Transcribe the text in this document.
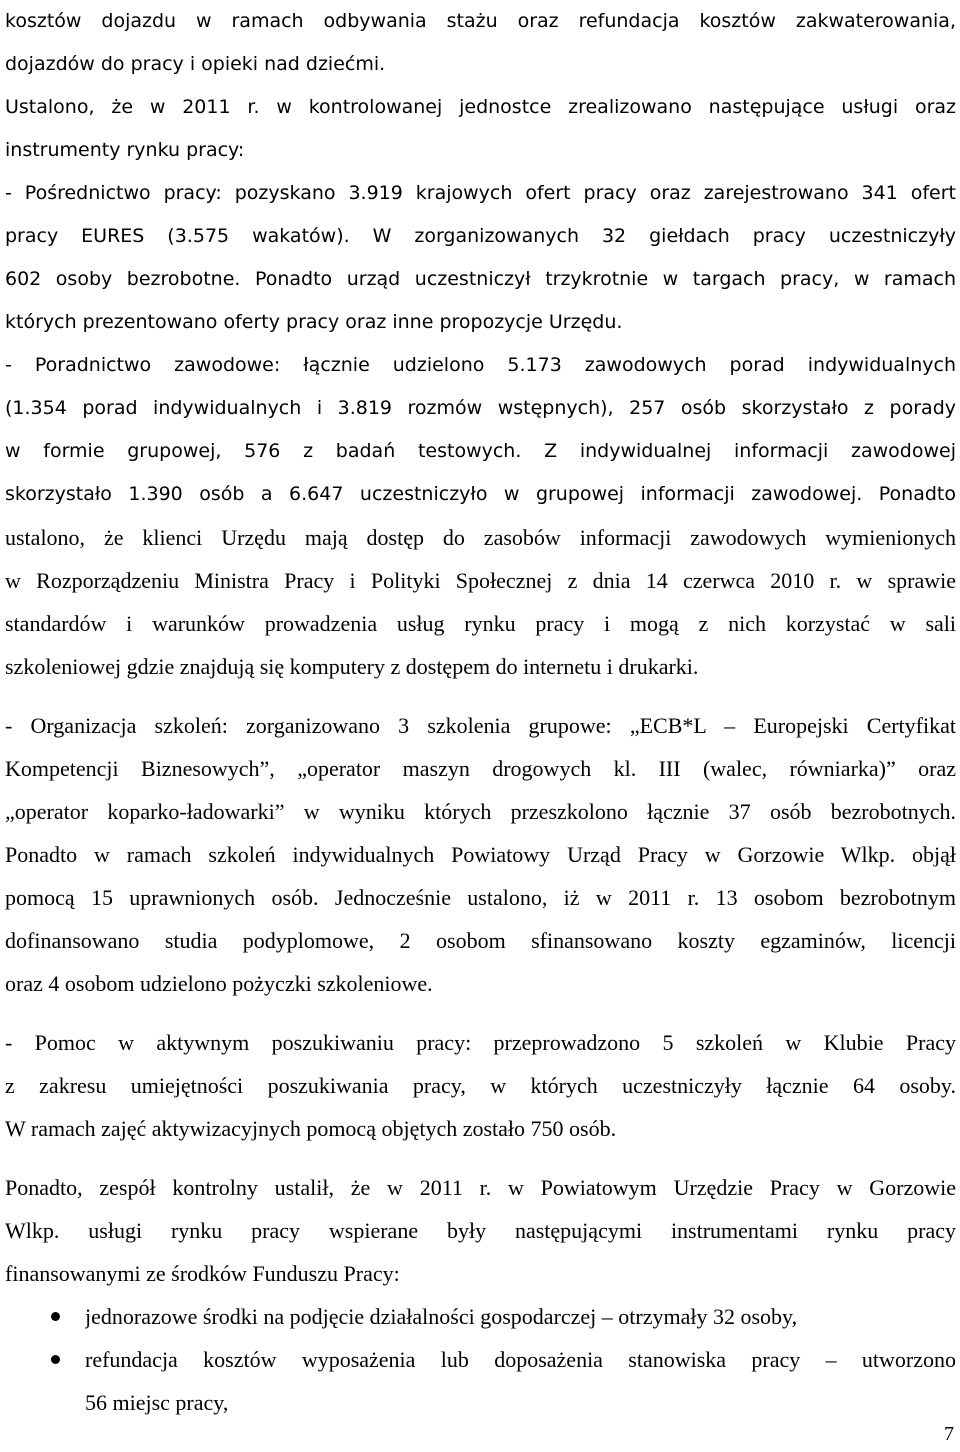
kosztów dojazdu w ramach odbywania stażu oraz refundacja kosztów zakwaterowania,
dojazdów do pracy i opieki nad dziećmi.
Ustalono, że w 2011 r. w kontrolowanej jednostce zrealizowano następujące usługi oraz
instrumenty rynku pracy:
- Pośrednictwo pracy: pozyskano 3.919 krajowych ofert pracy oraz zarejestrowano 341 ofert
pracy EURES (3.575 wakatów). W zorganizowanych 32 giełdach pracy uczestniczyły
602 osoby bezrobotne. Ponadto urząd uczestniczył trzykrotnie w targach pracy, w ramach
których prezentowano oferty pracy oraz inne propozycje Urzędu.
- Poradnictwo zawodowe: łącznie udzielono 5.173 zawodowych porad indywidualnych
(1.354 porad indywidualnych i 3.819 rozmów wstępnych), 257 osób skorzystało z porady
w formie grupowej, 576 z badań testowych. Z indywidualnej informacji zawodowej
skorzystało 1.390 osób a 6.647 uczestniczyło w grupowej informacji zawodowej. Ponadto
ustalono, że klienci Urzędu mają dostęp do zasobów informacji zawodowych wymienionych
w Rozporządzeniu Ministra Pracy i Polityki Społecznej z dnia 14 czerwca 2010 r. w sprawie
standardów i warunków prowadzenia usług rynku pracy i mogą z nich korzystać w sali
szkoleniowej gdzie znajdują się komputery z dostępem do internetu i drukarki.
- Organizacja szkoleń: zorganizowano 3 szkolenia grupowe: „ECB*L – Europejski Certyfikat
Kompetencji Biznesowych”, „operator maszyn drogowych kl. III (walec, równiarka)” oraz
„operator koparko-ładowarki” w wyniku których przeszkolono łącznie 37 osób bezrobotnych.
Ponadto w ramach szkoleń indywidualnych Powiatowy Urząd Pracy w Gorzowie Wlkp. objął
pomocą 15 uprawnionych osób. Jednocześnie ustalono, iż w 2011 r. 13 osobom bezrobotnym
dofinansowano studia podyplomowe, 2 osobom sfinansowano koszty egzaminów, licencji
oraz 4 osobom udzielono pożyczki szkoleniowe.
- Pomoc w aktywnym poszukiwaniu pracy: przeprowadzono 5 szkoleń w Klubie Pracy
z zakresu umiejętności poszukiwania pracy, w których uczestniczyły łącznie 64 osoby.
W ramach zajęć aktywizacyjnych pomocą objętych zostało 750 osób.
Ponadto, zespół kontrolny ustalił, że w 2011 r. w Powiatowym Urzędzie Pracy w Gorzowie
Wlkp. usługi rynku pracy wspierane były następującymi instrumentami rynku pracy
finansowanymi ze środków Funduszu Pracy:
jednorazowe środki na podjęcie działalności gospodarczej – otrzymały 32 osoby,
refundacja kosztów wyposażenia lub doposażenia stanowiska pracy – utworzono
56 miejsc pracy,
7
